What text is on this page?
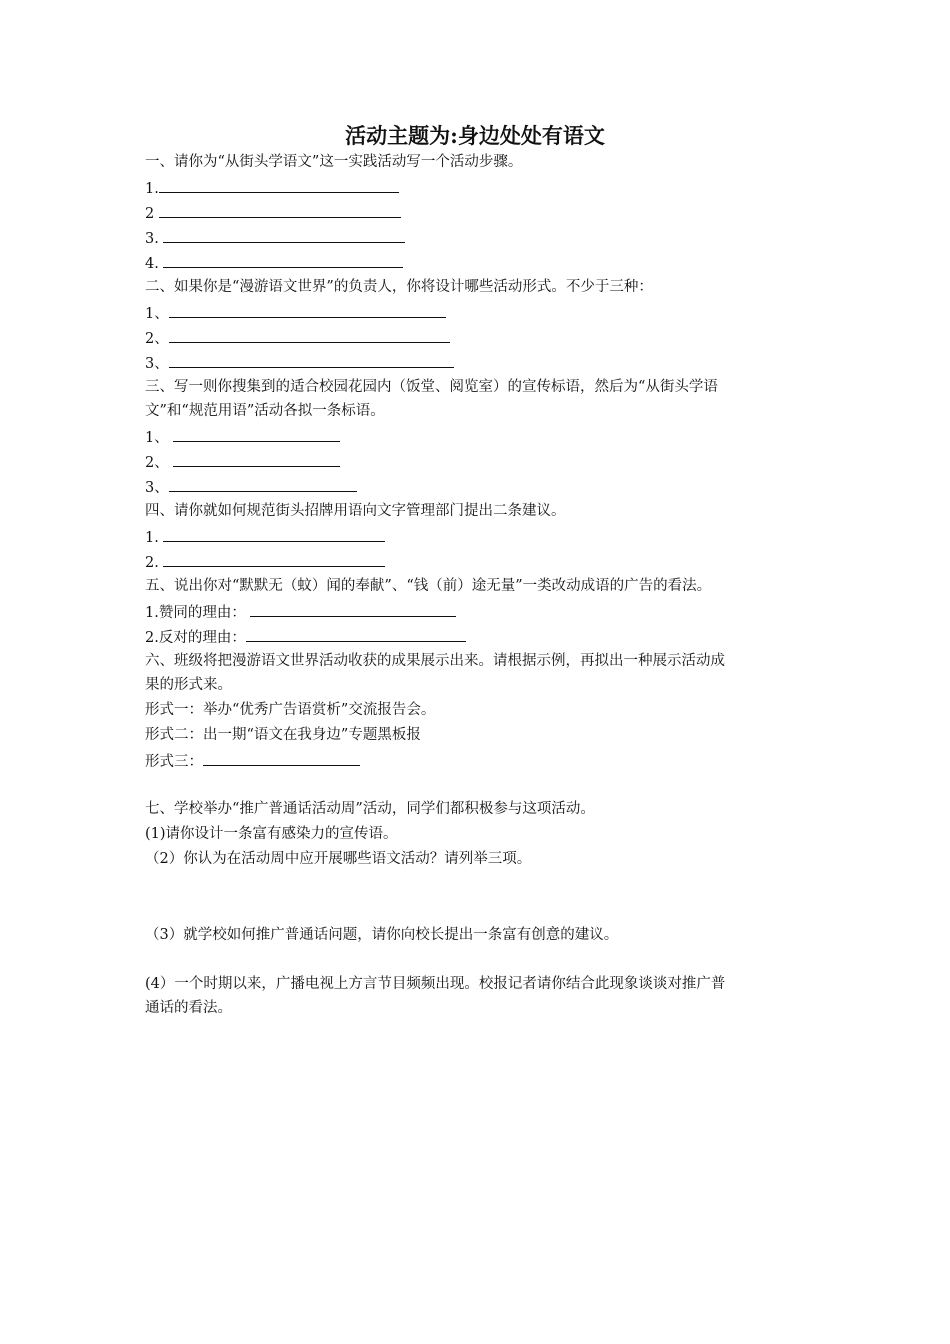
活动主题为:身边处处有语文

一、请你为“从街头学语文”这一实践活动写一个活动步骤。

1.

2

3.

4.

二、如果你是“漫游语文世界”的负责人，你将设计哪些活动形式。不少于三种：

1、

2、

3、

三、写一则你搜集到的适合校园花园内（饭堂、阅览室）的宣传标语，然后为“从街头学语

文”和“规范用语”活动各拟一条标语。

1、

2、

3、

四、请你就如何规范街头招牌用语向文字管理部门提出二条建议。

1.

2.

五、说出你对“默默无（蚊）闻的奉献”、“钱（前）途无量”一类改动成语的广告的看法。

1.赞同的理由：

2.反对的理由：

六、班级将把漫游语文世界活动收获的成果展示出来。请根据示例，再拟出一种展示活动成

果的形式来。

形式一：举办“优秀广告语赏析”交流报告会。

形式二：出一期“语文在我身边”专题黑板报

形式三：

七、学校举办“推广普通话活动周”活动，同学们都积极参与这项活动。

(1)请你设计一条富有感染力的宣传语。

（2）你认为在活动周中应开展哪些语文活动？请列举三项。

（3）就学校如何推广普通话问题，请你向校长提出一条富有创意的建议。

(4）一个时期以来，广播电视上方言节目频频出现。校报记者请你结合此现象谈谈对推广普

通话的看法。
